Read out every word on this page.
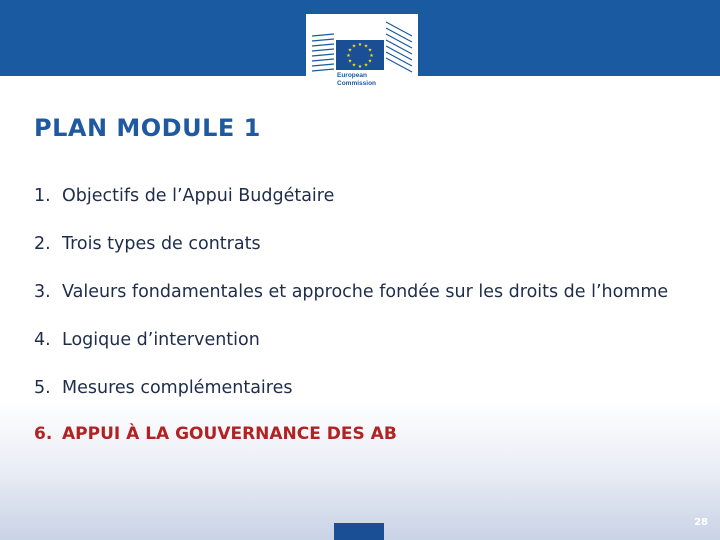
★ ★
★
★
★
★
★
★
★
★
★
★
European
Commission
PLAN MODULE 1
1. Objectifs de l’Appui Budgétaire
2. Trois types de contrats
3. Valeurs fondamentales et approche fondée sur les droits de l’homme
4. Logique d’intervention
5. Mesures complémentaires
6. APPUI À LA GOUVERNANCE DES AB
28
